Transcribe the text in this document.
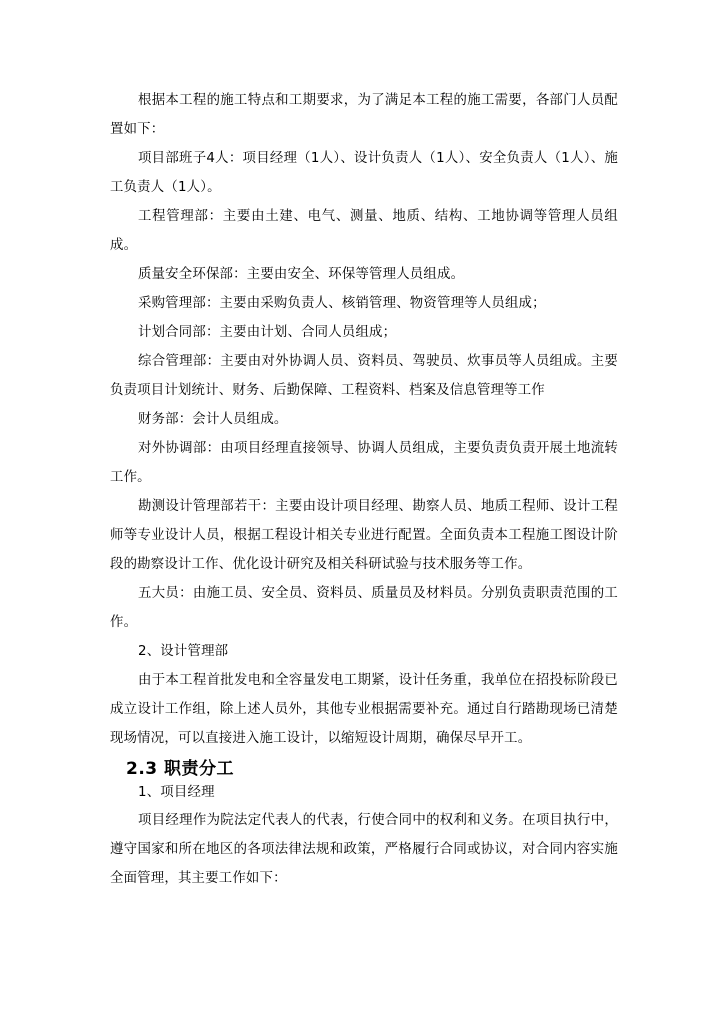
根据本工程的施工特点和工期要求，为了满足本工程的施工需要，各部门人员配置如下：

项目部班子4人：项目经理（1人）、设计负责人（1人）、安全负责人（1人）、施工负责人（1人）。

工程管理部：主要由土建、电气、测量、地质、结构、工地协调等管理人员组成。

质量安全环保部：主要由安全、环保等管理人员组成。

采购管理部：主要由采购负责人、核销管理、物资管理等人员组成；

计划合同部：主要由计划、合同人员组成；

综合管理部：主要由对外协调人员、资料员、驾驶员、炊事员等人员组成。主要负责项目计划统计、财务、后勤保障、工程资料、档案及信息管理等工作

财务部：会计人员组成。

对外协调部：由项目经理直接领导、协调人员组成，主要负责负责开展土地流转工作。

勘测设计管理部若干：主要由设计项目经理、勘察人员、地质工程师、设计工程师等专业设计人员，根据工程设计相关专业进行配置。全面负责本工程施工图设计阶段的勘察设计工作、优化设计研究及相关科研试验与技术服务等工作。

五大员：由施工员、安全员、资料员、质量员及材料员。分别负责职责范围的工作。

2、设计管理部

由于本工程首批发电和全容量发电工期紧，设计任务重，我单位在招投标阶段已成立设计工作组，除上述人员外，其他专业根据需要补充。通过自行踏勘现场已清楚现场情况，可以直接进入施工设计，以缩短设计周期，确保尽早开工。

2.3 职责分工

1、项目经理

项目经理作为院法定代表人的代表，行使合同中的权利和义务。在项目执行中，遵守国家和所在地区的各项法律法规和政策，严格履行合同或协议，对合同内容实施全面管理，其主要工作如下：
